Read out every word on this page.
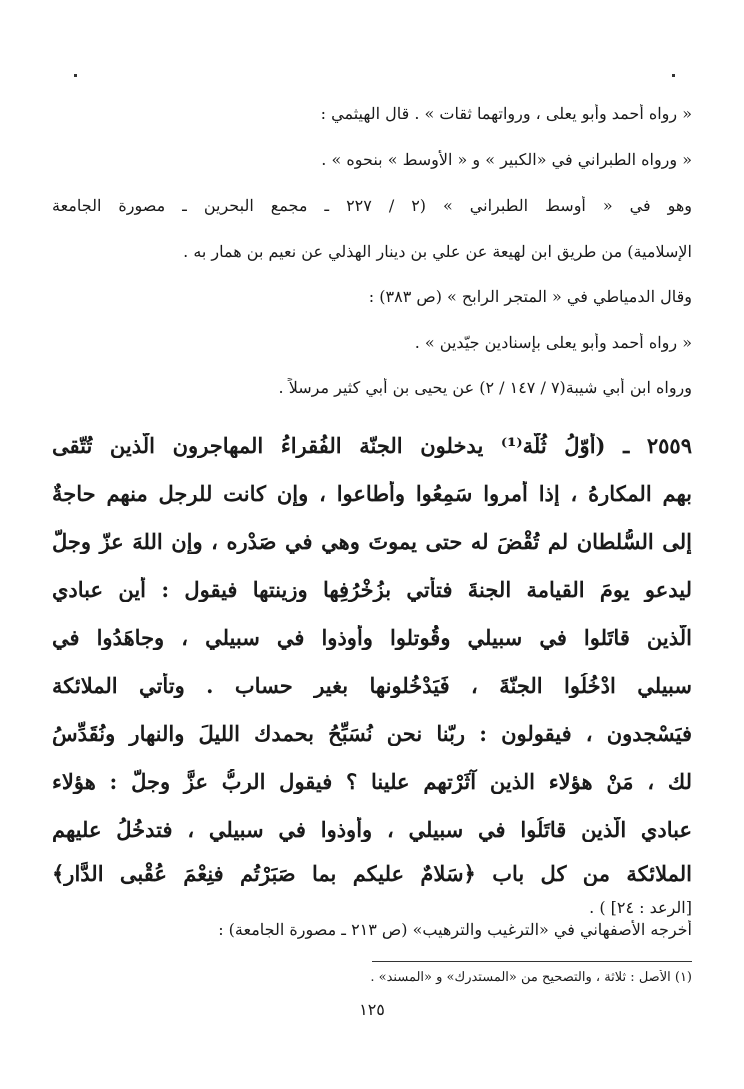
« رواه أحمد وأبو يعلى ، ورواتهما ثقات » . قال الهيثمي :
« ورواه الطبراني في «الكبير » و « الأوسط » بنحوه » .
وهو في « أوسط الطبراني » (٢ / ٢٢٧ ـ مجمع البحرين ـ مصورة الجامعة
الإسلامية) من طريق ابن لهيعة عن علي بن دينار الهذلي عن نعيم بن همار به .
وقال الدمياطي في « المتجر الرابح » (ص ٣٨٣) :
« رواه أحمد وأبو يعلى بإسنادين جيّدين » .
ورواه ابن أبي شيبة(٧ / ١٤٧ / ٢) عن يحيى بن أبي كثير مرسلاً .
٢٥٥٩ ـ (أَوّلُ ثُلّة⁽¹⁾ يدخلون الجنّة الفُقراءُ المهاجرون الّذين تُتّقى
بهم المكارهُ ، إذا أُمروا سَمِعُوا وأَطاعوا ، وإن كانت للرجل منهم حاجةٌ
إلى السُّلطان لم تُقْضَ له حتى يموتَ وهي في صَدْرِه ، وإن اللهَ عزّ وجلّ
ليدعو يومَ القيامة الجنةَ فتأتي بزُخْرُفِها وزينتها فيقول : أين عبادي
الّذين قاتَلوا في سبيلي وقُوتلوا وأُوذوا في سبيلي ، وجاهَدُوا في
سبيلي ادْخُلُوا الجنّةَ ، فَيَدْخُلونها بغير حساب . وتأتي الملائكة
فيَسْجدون ، فيقولون : ربّنا نحن نُسَبِّحُ بحمدك الليلَ والنهار ونُقَدِّسُ
لك ، مَنْ هؤلاء الذين آثَرْتهم علينا ؟ فيقول الربُّ عزَّ وجلّ : هؤلاء
عبادي الّذين قاتَلُوا في سبيلي ، وأُوذوا في سبيلي ، فتدخُلُ عليهم
الملائكة من كل باب ﴿سَلامٌ عليكم بما صَبَرْتُم فنِعْمَ عُقْبى الدَّار﴾
[الرعد : ٢٤] ) .
أخرجه الأصفهاني في «الترغيب والترهيب» (ص ٢١٣ ـ مصورة الجامعة) :
(١) الأصل : ثلاثة ، والتصحيح من «المستدرك» و «المسند» .
١٢٥
